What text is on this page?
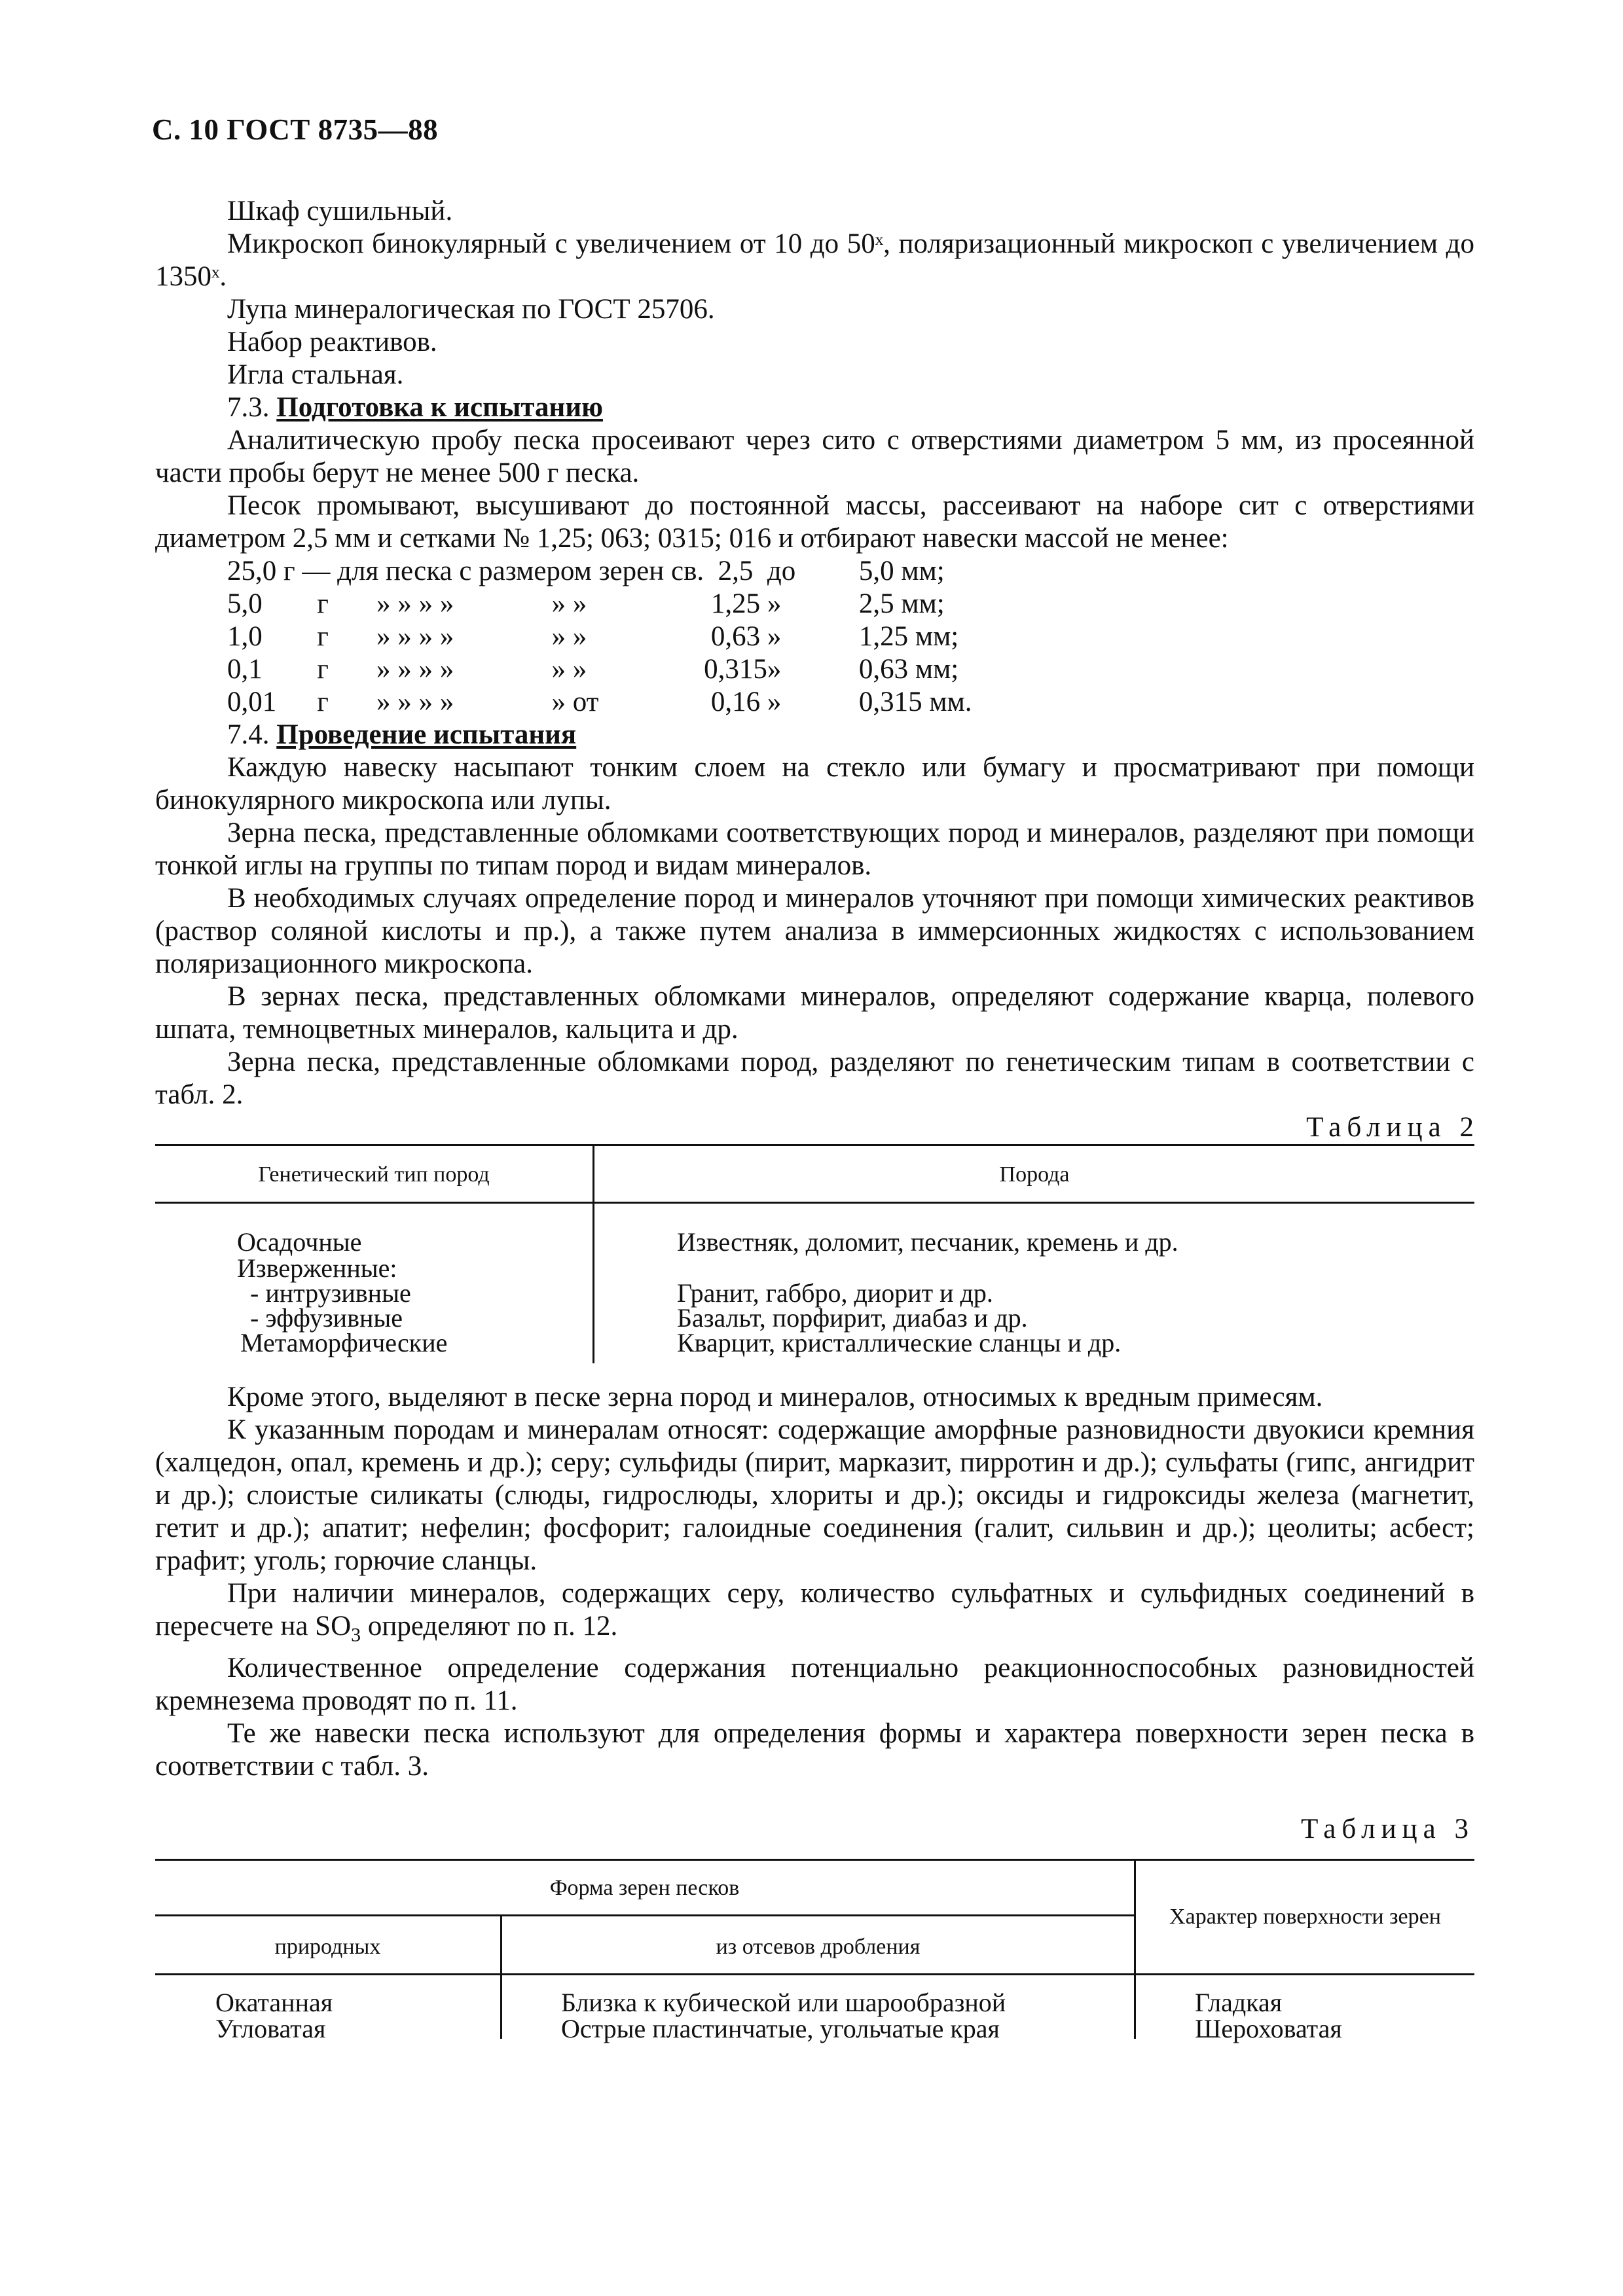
С. 10 ГОСТ 8735—88

Шкаф сушильный.

Микроскоп бинокулярный с увеличением от 10 до 50ˣ, поляризационный микроскоп с увеличением до 1350ˣ.

Лупа минералогическая по ГОСТ 25706.

Набор реактивов.

Игла стальная.

7.3. Подготовка к испытанию

Аналитическую пробу песка просеивают через сито с отверстиями диаметром 5 мм, из просеянной части пробы берут не менее 500 г песка.

Песок промывают, высушивают до постоянной массы, рассеивают на наборе сит с отверстиями диаметром 2,5 мм и сетками № 1,25; 063; 0315; 016 и отбирают навески массой не менее:

25,0 г — для песка с размером зерен св.				2,5	до	5,0 мм;
5,0	г	» » » »	» »	1,25	»	2,5 мм;
1,0	г	» » » »	» »	0,63	»	1,25 мм;
0,1	г	» » » »	» »	0,315	»	0,63 мм;
0,01	г	» » » »	» от	0,16	»	0,315 мм.

7.4. Проведение испытания

Каждую навеску насыпают тонким слоем на стекло или бумагу и просматривают при помощи бинокулярного микроскопа или лупы.

Зерна песка, представленные обломками соответствующих пород и минералов, разделяют при помощи тонкой иглы на группы по типам пород и видам минералов.

В необходимых случаях определение пород и минералов уточняют при помощи химических реактивов (раствор соляной кислоты и пр.), а также путем анализа в иммерсионных жидкостях с использованием поляризационного микроскопа.

В зернах песка, представленных обломками минералов, определяют содержание кварца, полевого шпата, темноцветных минералов, кальцита и др.

Зерна песка, представленные обломками пород, разделяют по генетическим типам в соответствии с табл. 2.

Таблица 2
Генетический тип пород	Порода
Осадочные	Известняк, доломит, песчаник, кремень и др.
Изверженные:
- интрузивные	Гранит, габбро, диорит и др.
- эффузивные	Базальт, порфирит, диабаз и др.
Метаморфические	Кварцит, кристаллические сланцы и др.

Кроме этого, выделяют в песке зерна пород и минералов, относимых к вредным примесям.

К указанным породам и минералам относят: содержащие аморфные разновидности двуокиси кремния (халцедон, опал, кремень и др.); серу; сульфиды (пирит, марказит, пирротин и др.); сульфаты (гипс, ангидрит и др.); слоистые силикаты (слюды, гидрослюды, хлориты и др.); оксиды и гидроксиды железа (магнетит, гетит и др.); апатит; нефелин; фосфорит; галоидные соединения (галит, сильвин и др.); цеолиты; асбест; графит; уголь; горючие сланцы.

При наличии минералов, содержащих серу, количество сульфатных и сульфидных соединений в пересчете на $SO_3$ определяют по п. 12.

Количественное определение содержания потенциально реакционноспособных разновидностей кремнезема проводят по п. 11.

Те же навески песка используют для определения формы и характера поверхности зерен песка в соответствии с табл. 3.

Таблица 3
Форма зерен песков
природных	из отсевов дробления
Характер поверхности зерен
Окатанная	Близка к кубической или шарообразной	Гладкая
Угловатая	Острые пластинчатые, угольчатые края	Шероховатая
